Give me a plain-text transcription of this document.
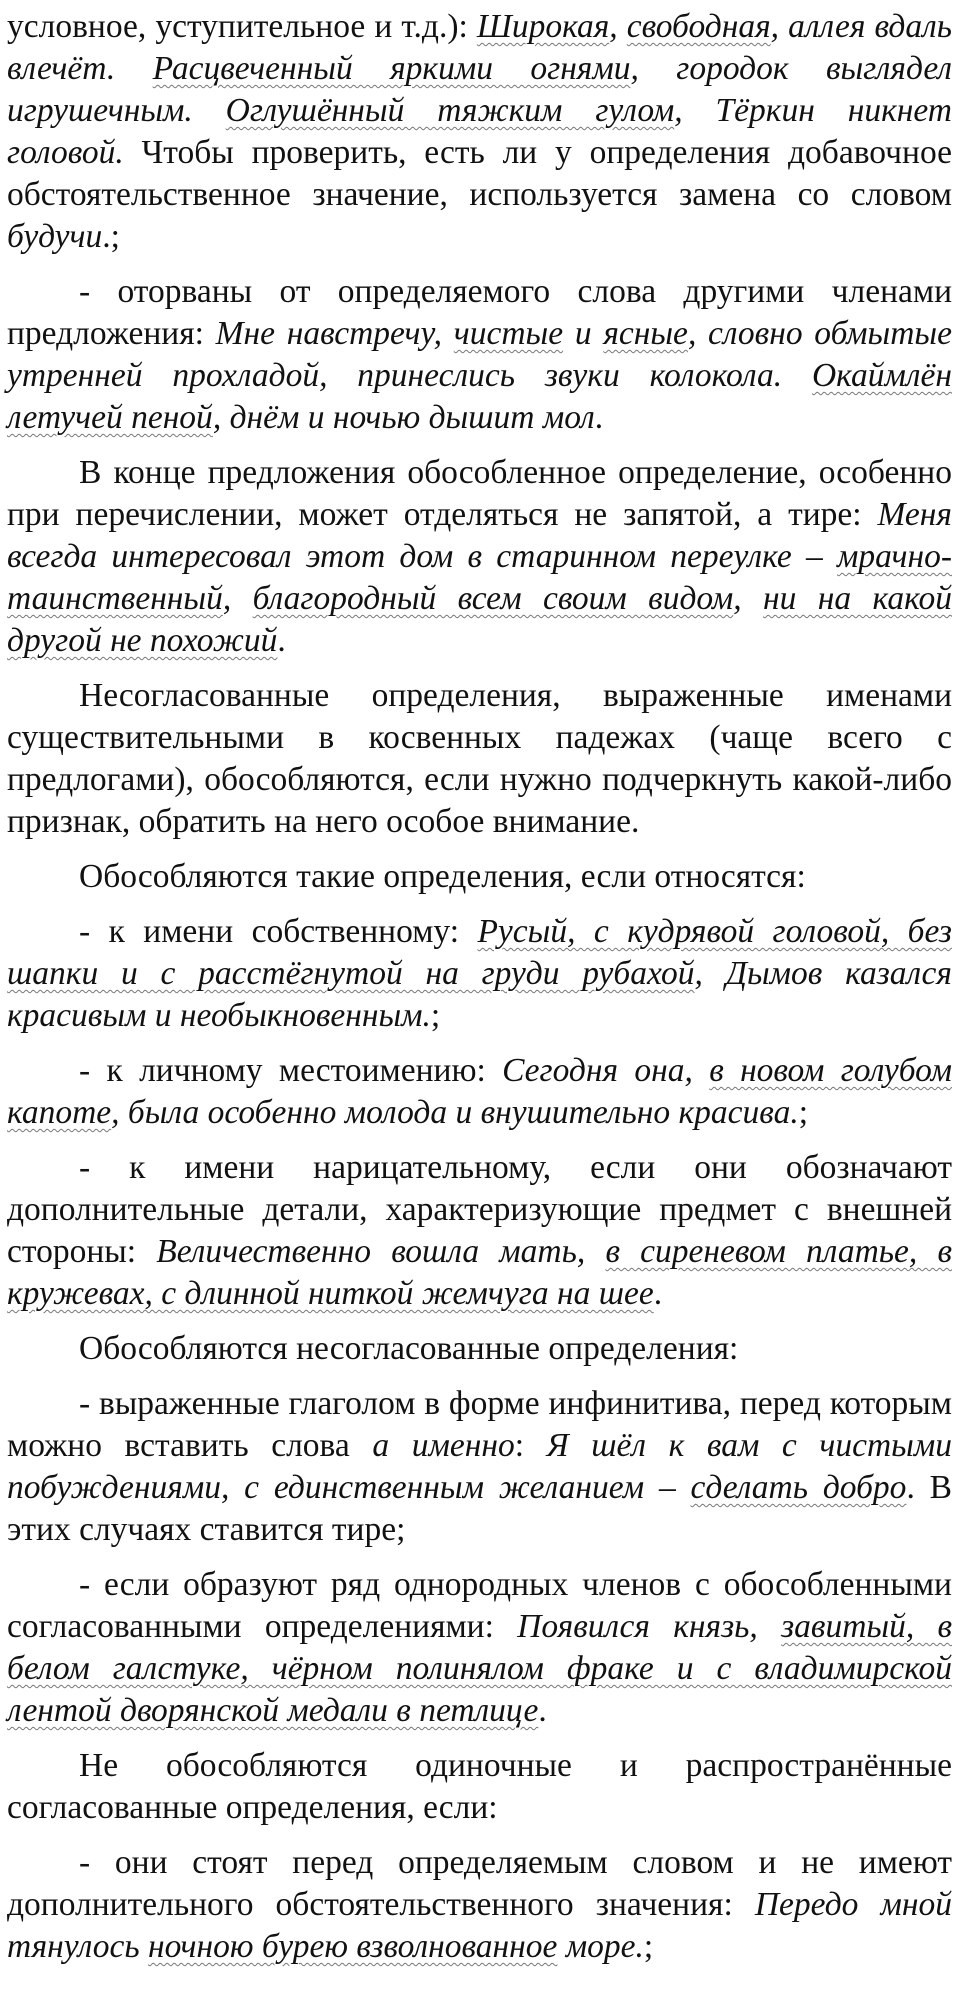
условное, уступительное и т.д.): Широкая, свободная, аллея вдаль влечёт. Расцвеченный яркими огнями, городок выглядел игрушечным. Оглушённый тяжким гулом, Тёркин никнет головой. Чтобы проверить, есть ли у определения добавочное обстоятельственное значение, используется замена со словом будучи.;

- оторваны от определяемого слова другими членами предложения: Мне навстречу, чистые и ясные, словно обмытые утренней прохладой, принеслись звуки колокола. Окаймлён летучей пеной, днём и ночью дышит мол.

В конце предложения обособленное определение, особенно при перечислении, может отделяться не запятой, а тире: Меня всегда интересовал этот дом в старинном переулке – мрачно-таинственный, благородный всем своим видом, ни на какой другой не похожий.

Несогласованные определения, выраженные именами существительными в косвенных падежах (чаще всего с предлогами), обособляются, если нужно подчеркнуть какой-либо признак, обратить на него особое внимание.

Обособляются такие определения, если относятся:

- к имени собственному: Русый, с кудрявой головой, без шапки и с расстёгнутой на груди рубахой, Дымов казался красивым и необыкновенным.;

- к личному местоимению: Сегодня она, в новом голубом капоте, была особенно молода и внушительно красива.;

- к имени нарицательному, если они обозначают дополнительные детали, характеризующие предмет с внешней стороны: Величественно вошла мать, в сиреневом платье, в кружевах, с длинной ниткой жемчуга на шее.

Обособляются несогласованные определения:

- выраженные глаголом в форме инфинитива, перед которым можно вставить слова а именно: Я шёл к вам с чистыми побуждениями, с единственным желанием – сделать добро. В этих случаях ставится тире;

- если образуют ряд однородных членов с обособленными согласованными определениями: Появился князь, завитый, в белом галстуке, чёрном полинялом фраке и с владимирской лентой дворянской медали в петлице.

Не обособляются одиночные и распространённые согласованные определения, если:

- они стоят перед определяемым словом и не имеют дополнительного обстоятельственного значения: Передо мной тянулось ночною бурею взволнованное море.;
